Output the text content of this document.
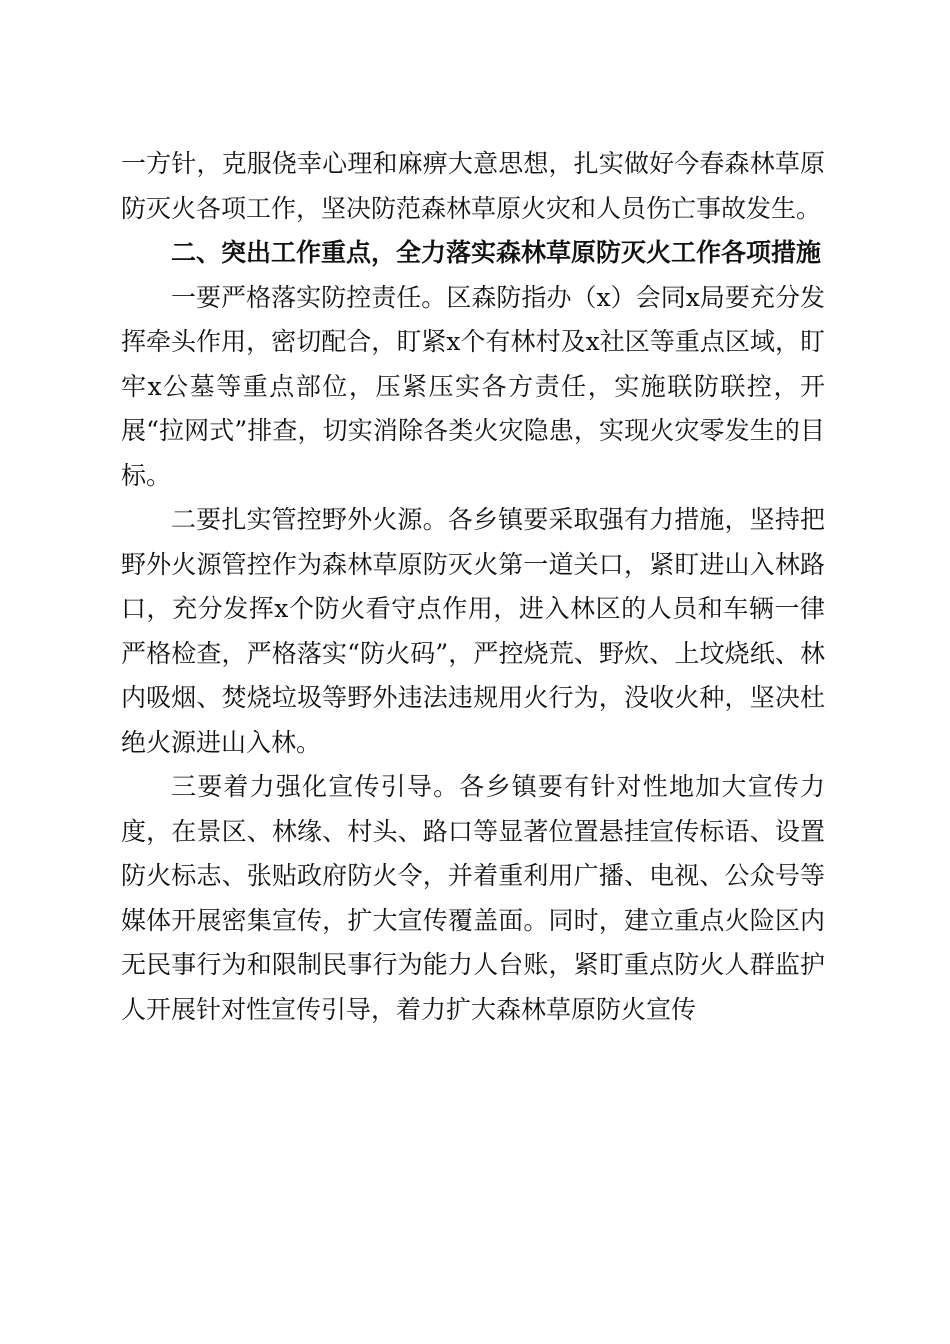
一方针，克服侥幸心理和麻痹大意思想，扎实做好今春森林草原防灭火各项工作，坚决防范森林草原火灾和人员伤亡事故发生。

二、突出工作重点，全力落实森林草原防灭火工作各项措施

一要严格落实防控责任。区森防指办（x）会同x局要充分发挥牵头作用，密切配合，盯紧x个有林村及x社区等重点区域，盯牢x公墓等重点部位，压紧压实各方责任，实施联防联控，开展“拉网式”排查，切实消除各类火灾隐患，实现火灾零发生的目标。

二要扎实管控野外火源。各乡镇要采取强有力措施，坚持把野外火源管控作为森林草原防灭火第一道关口，紧盯进山入林路口，充分发挥x个防火看守点作用，进入林区的人员和车辆一律严格检查，严格落实“防火码”，严控烧荒、野炊、上坟烧纸、林内吸烟、焚烧垃圾等野外违法违规用火行为，没收火种，坚决杜绝火源进山入林。

三要着力强化宣传引导。各乡镇要有针对性地加大宣传力度，在景区、林缘、村头、路口等显著位置悬挂宣传标语、设置防火标志、张贴政府防火令，并着重利用广播、电视、公众号等媒体开展密集宣传，扩大宣传覆盖面。同时，建立重点火险区内无民事行为和限制民事行为能力人台账，紧盯重点防火人群监护人开展针对性宣传引导，着力扩大森林草原防火宣传
